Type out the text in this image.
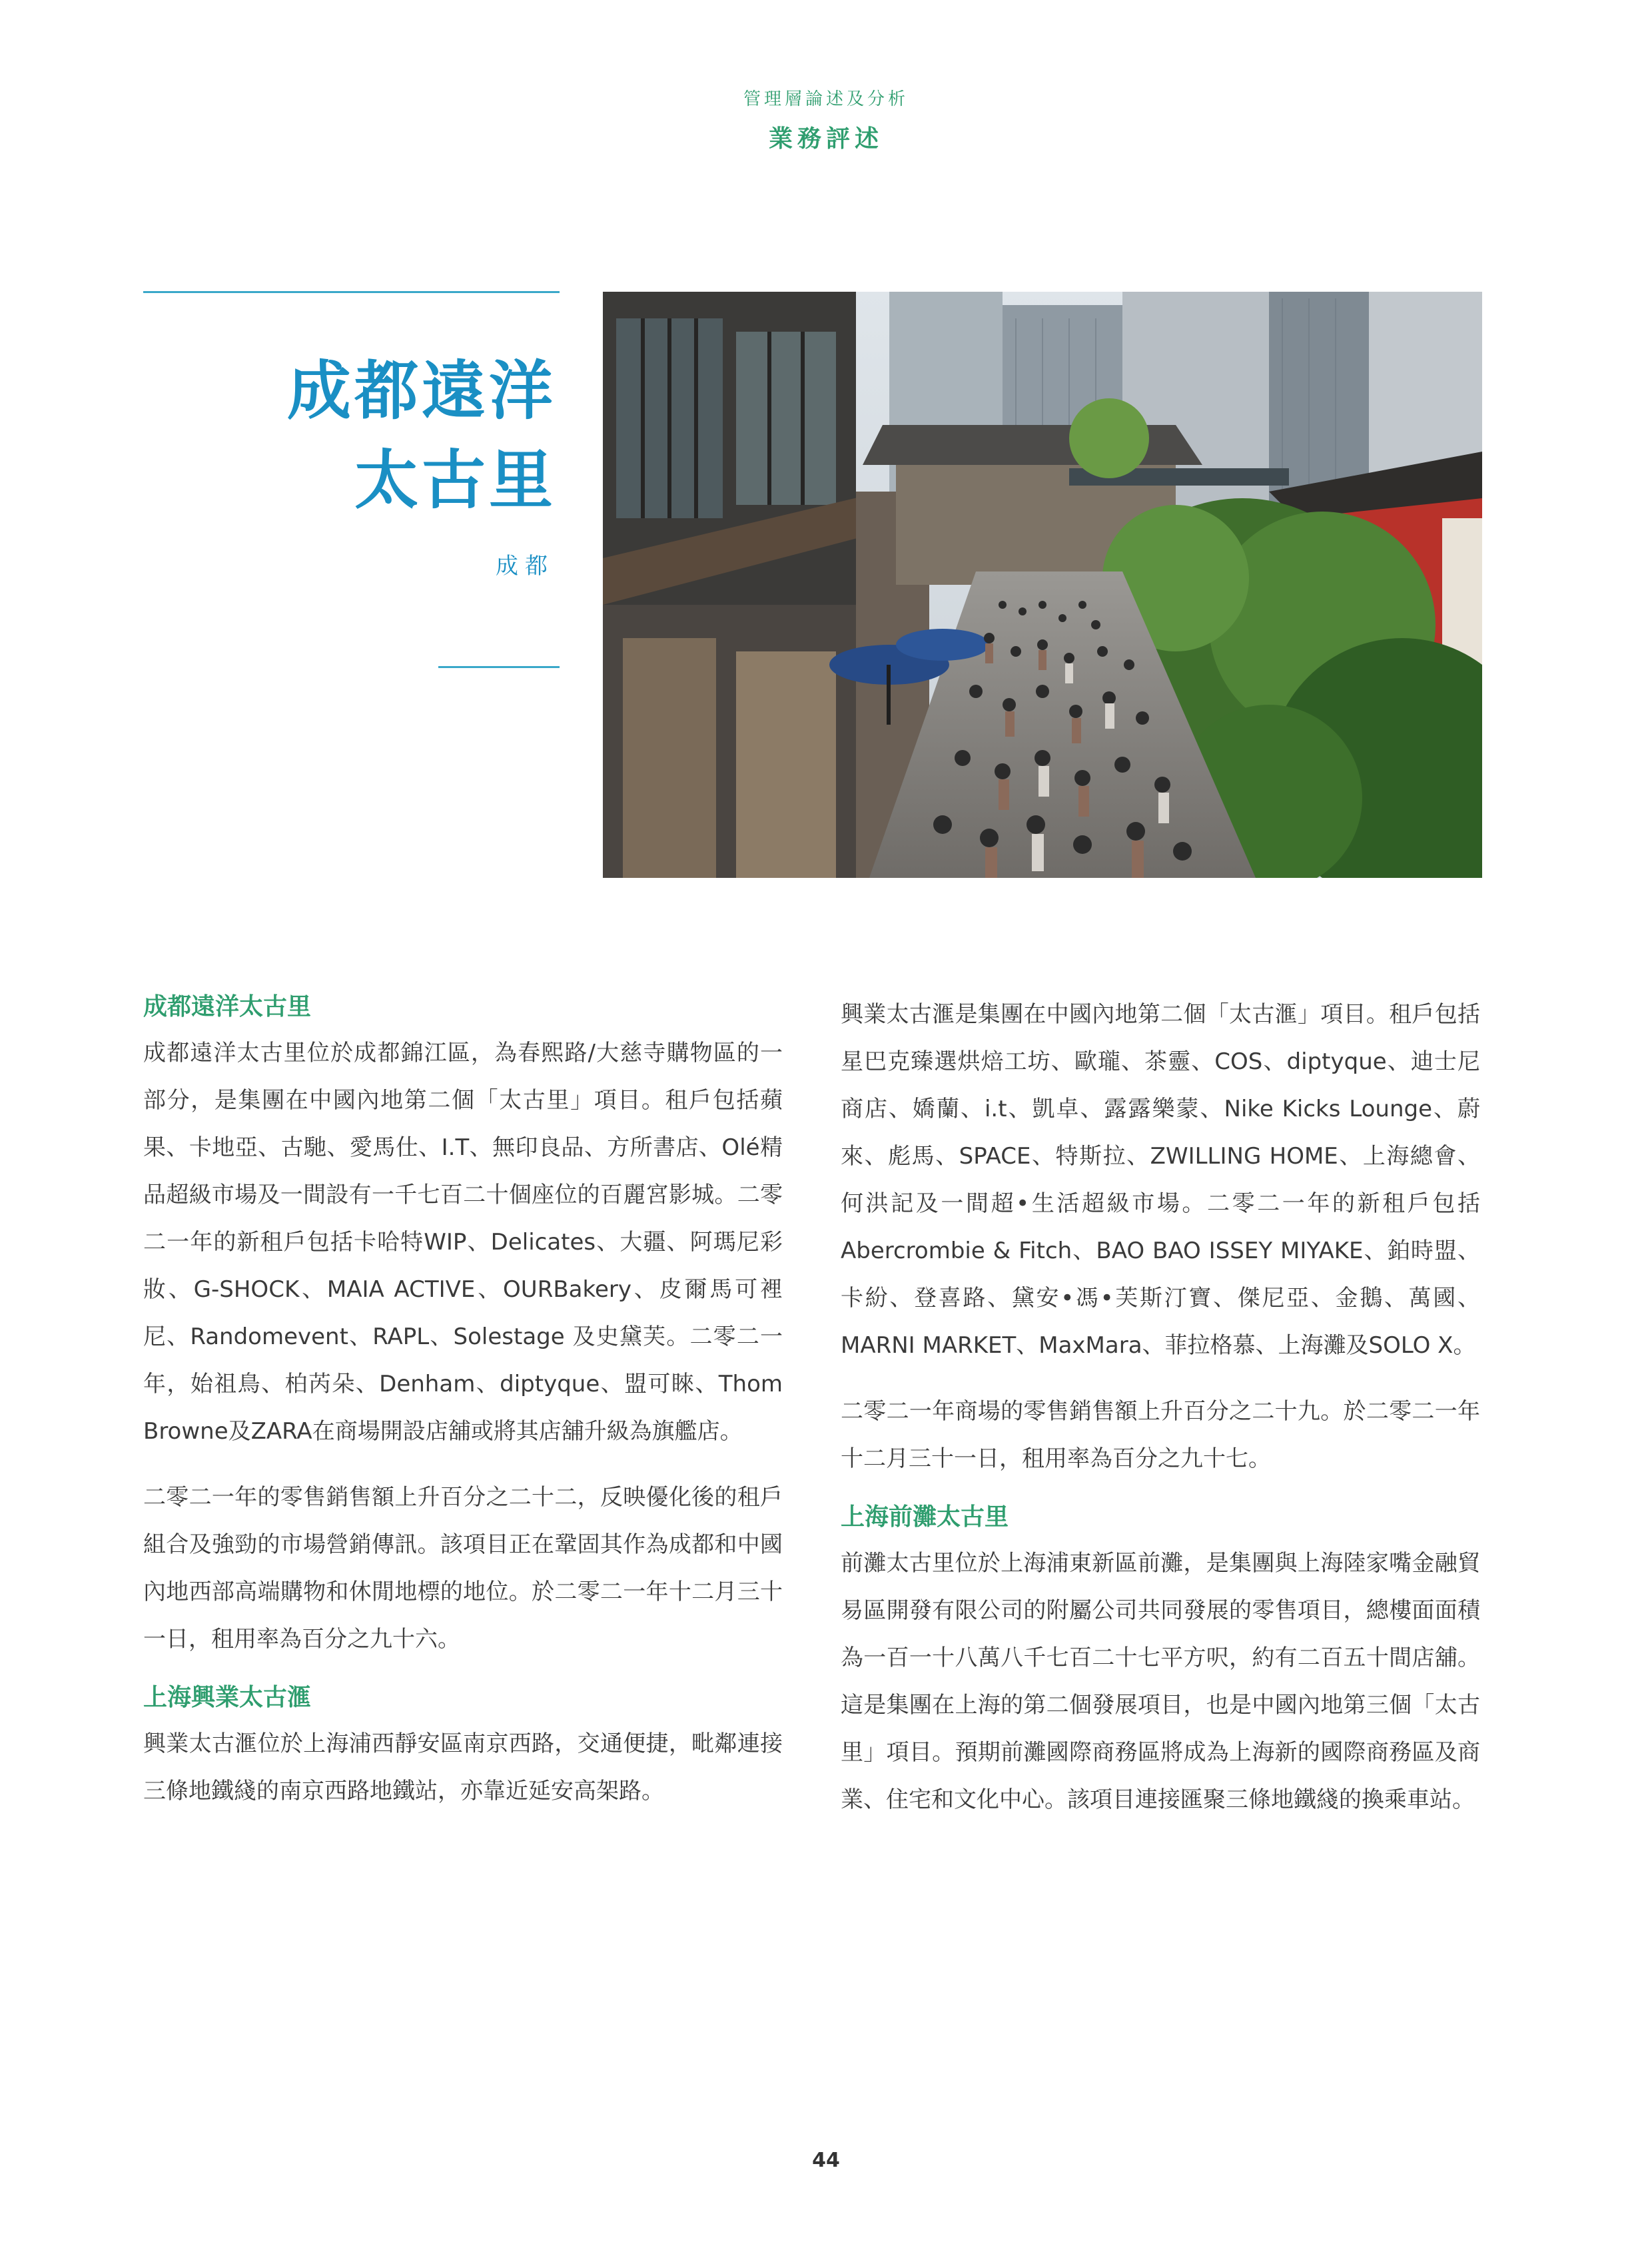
管理層論述及分析
業務評述
成都遠洋
太古里
成都
成都遠洋太古里

成都遠洋太古里位於成都錦江區，為春熙路/大慈寺購物區的一部分，是集團在中國內地第二個「太古里」項目。租戶包括蘋果、卡地亞、古馳、愛馬仕、I.T、無印良品、方所書店、Olé精品超級市場及一間設有一千七百二十個座位的百麗宮影城。二零二一年的新租戶包括卡哈特WIP、Delicates、大疆、阿瑪尼彩妝、G-SHOCK、MAIA ACTIVE、OURBakery、皮爾馬可裡尼、Randomevent、RAPL、Solestage 及史黛芙。二零二一年，始祖鳥、柏芮朵、Denham、diptyque、盟可睞、Thom Browne及ZARA在商場開設店舖或將其店舖升級為旗艦店。

二零二一年的零售銷售額上升百分之二十二，反映優化後的租戶組合及強勁的市場營銷傳訊。該項目正在鞏固其作為成都和中國內地西部高端購物和休閒地標的地位。於二零二一年十二月三十一日，租用率為百分之九十六。

上海興業太古滙

興業太古滙位於上海浦西靜安區南京西路，交通便捷，毗鄰連接三條地鐵綫的南京西路地鐵站，亦靠近延安高架路。

興業太古滙是集團在中國內地第二個「太古滙」項目。租戶包括星巴克臻選烘焙工坊、歐瓏、茶靈、COS、diptyque、迪士尼商店、嬌蘭、i.t、凱卓、露露樂蒙、Nike Kicks Lounge、蔚來、彪馬、SPACE、特斯拉、ZWILLING HOME、上海總會、何洪記及一間超•生活超級市場。二零二一年的新租戶包括Abercrombie & Fitch、BAO BAO ISSEY MIYAKE、鉑時盟、卡紛、登喜路、黛安•馮•芙斯汀寶、傑尼亞、金鵝、萬國、MARNI MARKET、MaxMara、菲拉格慕、上海灘及SOLO X。

二零二一年商場的零售銷售額上升百分之二十九。於二零二一年十二月三十一日，租用率為百分之九十七。

上海前灘太古里

前灘太古里位於上海浦東新區前灘，是集團與上海陸家嘴金融貿易區開發有限公司的附屬公司共同發展的零售項目，總樓面面積為一百一十八萬八千七百二十七平方呎，約有二百五十間店舖。這是集團在上海的第二個發展項目，也是中國內地第三個「太古里」項目。預期前灘國際商務區將成為上海新的國際商務區及商業、住宅和文化中心。該項目連接匯聚三條地鐵綫的換乘車站。

44
